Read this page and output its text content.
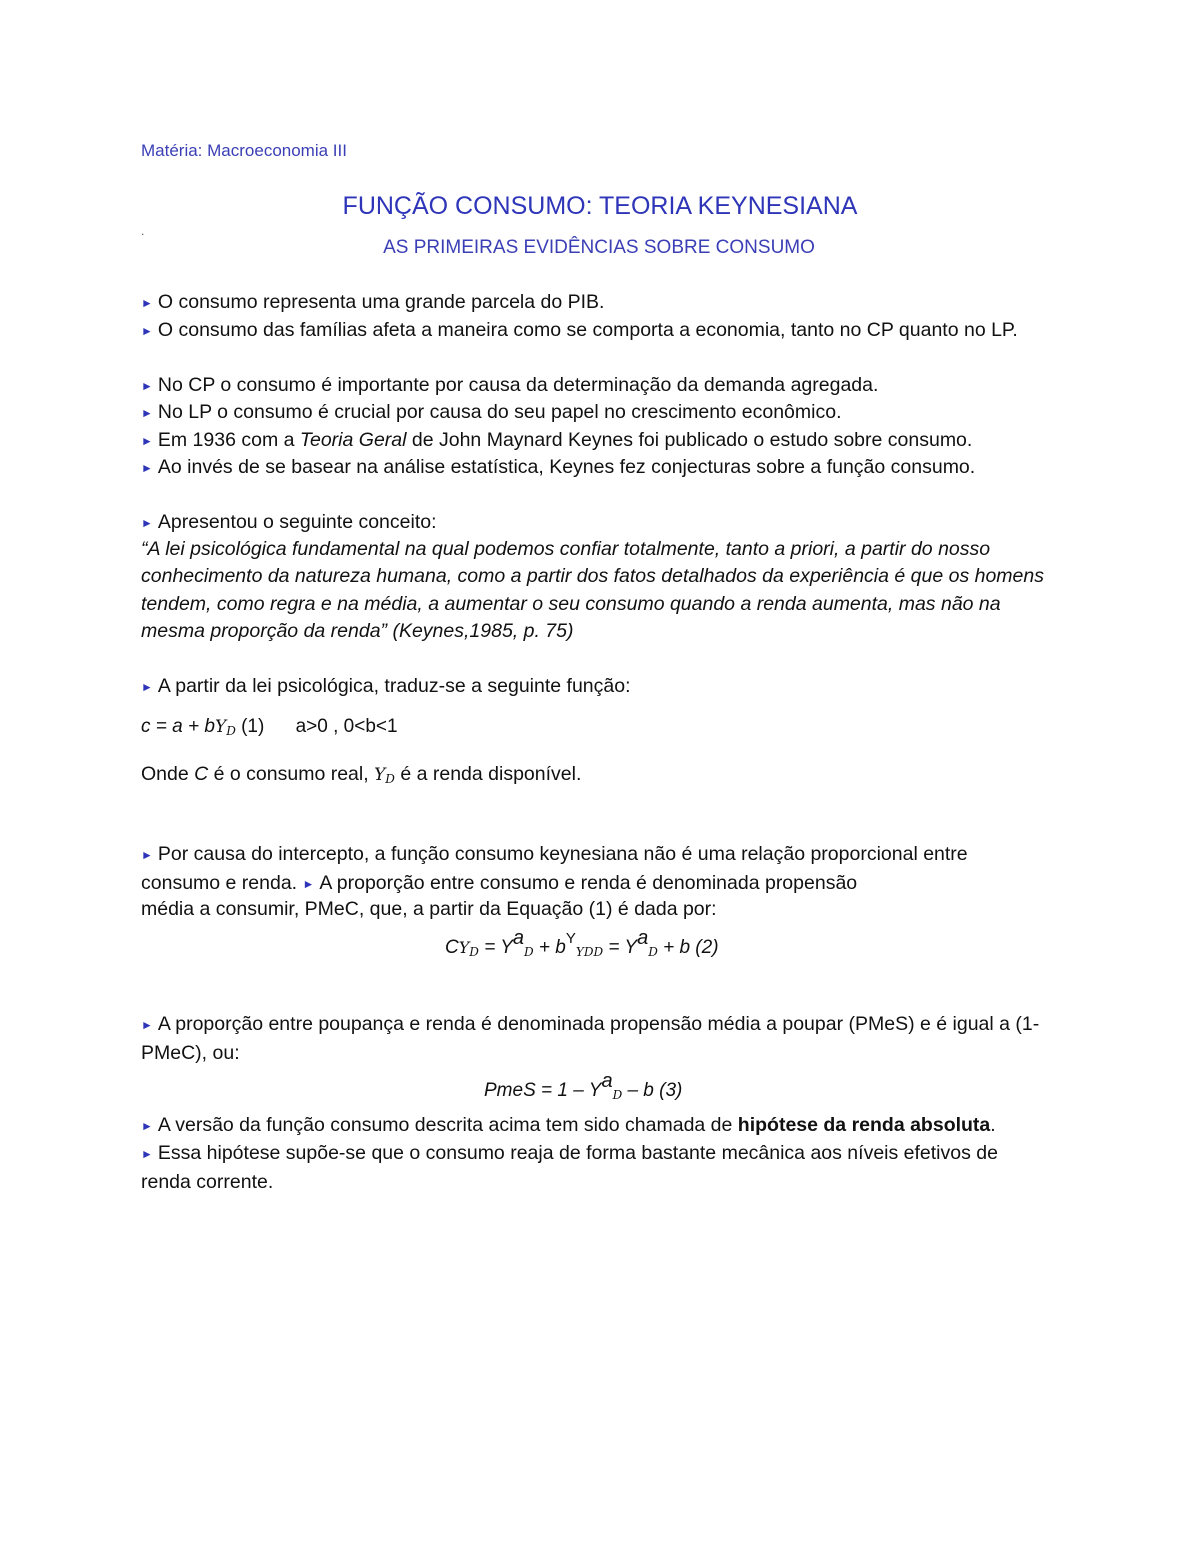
Matéria: Macroeconomia III
FUNÇÃO CONSUMO: TEORIA KEYNESIANA
.
AS PRIMEIRAS EVIDÊNCIAS SOBRE CONSUMO

► O consumo representa uma grande parcela do PIB.

► O consumo das famílias afeta a maneira como se comporta a economia, tanto no CP quanto no LP.

► No CP o consumo é importante por causa da determinação da demanda agregada.

► No LP o consumo é crucial por causa do seu papel no crescimento econômico.

► Em 1936 com a Teoria Geral de John Maynard Keynes foi publicado o estudo sobre consumo.

► Ao invés de se basear na análise estatística, Keynes fez conjecturas sobre a função consumo.

► Apresentou o seguinte conceito:

“A lei psicológica fundamental na qual podemos confiar totalmente, tanto a priori, a partir do nosso conhecimento da natureza humana, como a partir dos fatos detalhados da experiência é que os homens tendem, como regra e na média, a aumentar o seu consumo quando a renda aumenta, mas não na mesma proporção da renda” (Keynes,1985, p. 75)

► A partir da lei psicológica, traduz-se a seguinte função:

c = a + bYD (1) a>0 , 0<b<1

Onde C é o consumo real, YD é a renda disponível.

► Por causa do intercepto, a função consumo keynesiana não é uma relação proporcional entre consumo e renda. ► A proporção entre consumo e renda é denominada propensão

média a consumir, PMeC, que, a partir da Equação (1) é dada por:

CYD = YaD + $b^YYDD$ = YaD + b (2)

► A proporção entre poupança e renda é denominada propensão média a poupar (PMeS) e é igual a (1- PMeC), ou:

PmeS = 1 – YaD – b (3)

► A versão da função consumo descrita acima tem sido chamada de hipótese da renda absoluta.

► Essa hipótese supõe-se que o consumo reaja de forma bastante mecânica aos níveis efetivos de renda corrente.
